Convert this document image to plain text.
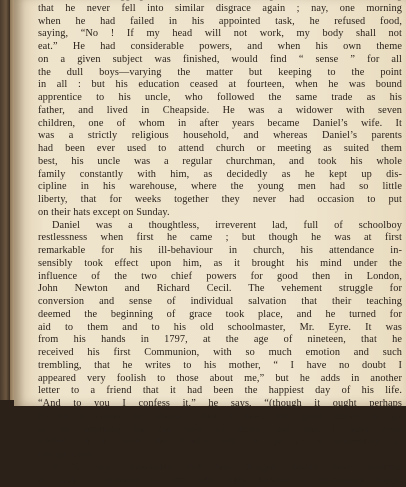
that he never fell into similar disgrace again ; nay, one morning
when he had failed in his appointed task, he refused food,
saying, “No ! If my head will not work, my body shall not
eat.” He had considerable powers, and when his own theme
on a given subject was finished, would find “ sense ” for all
the dull boys—varying the matter but keeping to the point
in all : but his education ceased at fourteen, when he was bound
apprentice to his uncle, who followed the same trade as his
father, and lived in Cheapside. He was a widower with seven
children, one of whom in after years became Daniel’s wife. It
was a strictly religious household, and whereas Daniel’s parents
had been ever used to attend church or meeting as suited them
best, his uncle was a regular churchman, and took his whole
family constantly with him, as decidedly as he kept up dis-
cipline in his warehouse, where the young men had so little
liberty, that for weeks together they never had occasion to put
on their hats except on Sunday.
Daniel was a thoughtless, irreverent lad, full of schoolboy
restlessness when first he came ; but though he was at first
remarkable for his ill-behaviour in church, his attendance in-
sensibly took effect upon him, as it brought his mind under the
influence of the two chief powers for good then in London,
John Newton and Richard Cecil. The vehement struggle for
conversion and sense of individual salvation that their teaching
deemed the beginning of grace took place, and he turned for
aid to them and to his old schoolmaster, Mr. Eyre. It was
from his hands in 1797, at the age of nineteen, that he
received his first Communion, with so much emotion and such
trembling, that he writes to his mother, “ I have no doubt I
appeared very foolish to those about me,” but he adds in another
letter to a friend that it had been the happiest day of his life.
“And to you I confess it,” he says, “(though it ought perhaps
to be a cause for shame,) that I have felt great desire to go
or do anything for the love of Jesus, and that I have even
wished, if it were the Lord’s will, to go as a missionary to
foreign lands.”
It is very remarkable that this thought should have occurred
at such a moment to one who only became a missionary thirty-
